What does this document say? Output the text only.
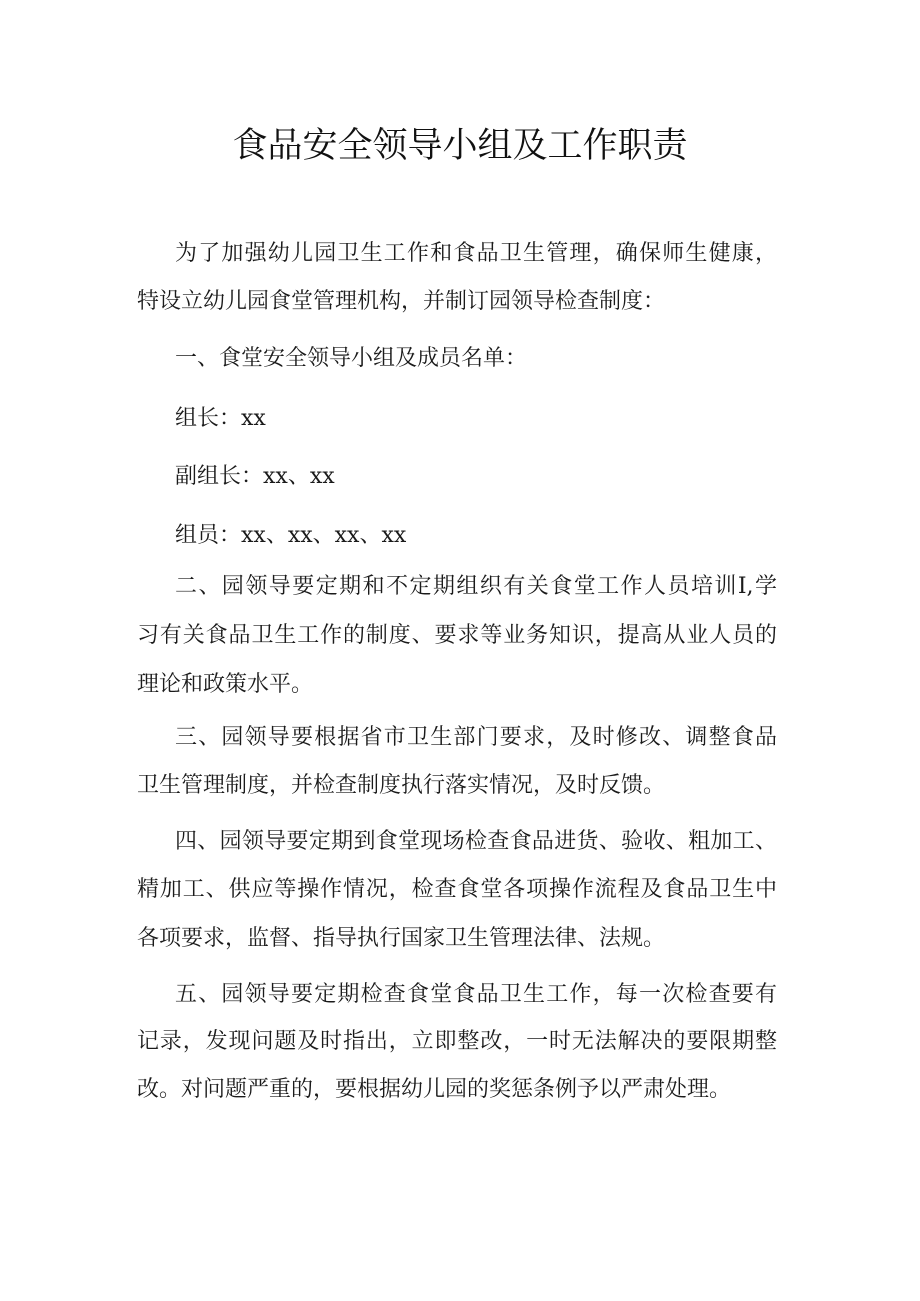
食品安全领导小组及工作职责
为了加强幼儿园卫生工作和食品卫生管理，确保师生健康，
特设立幼儿园食堂管理机构，并制订园领导检查制度：
一、食堂安全领导小组及成员名单：
组长：xx
副组长：xx、xx
组员：xx、xx、xx、xx
二、园领导要定期和不定期组织有关食堂工作人员培训I,学
习有关食品卫生工作的制度、要求等业务知识，提高从业人员的
理论和政策水平。
三、园领导要根据省市卫生部门要求，及时修改、调整食品
卫生管理制度，并检查制度执行落实情况，及时反馈。
四、园领导要定期到食堂现场检查食品进货、验收、粗加工、
精加工、供应等操作情况，检查食堂各项操作流程及食品卫生中
各项要求，监督、指导执行国家卫生管理法律、法规。
五、园领导要定期检查食堂食品卫生工作，每一次检查要有
记录，发现问题及时指出，立即整改，一时无法解决的要限期整
改。对问题严重的，要根据幼儿园的奖惩条例予以严肃处理。
